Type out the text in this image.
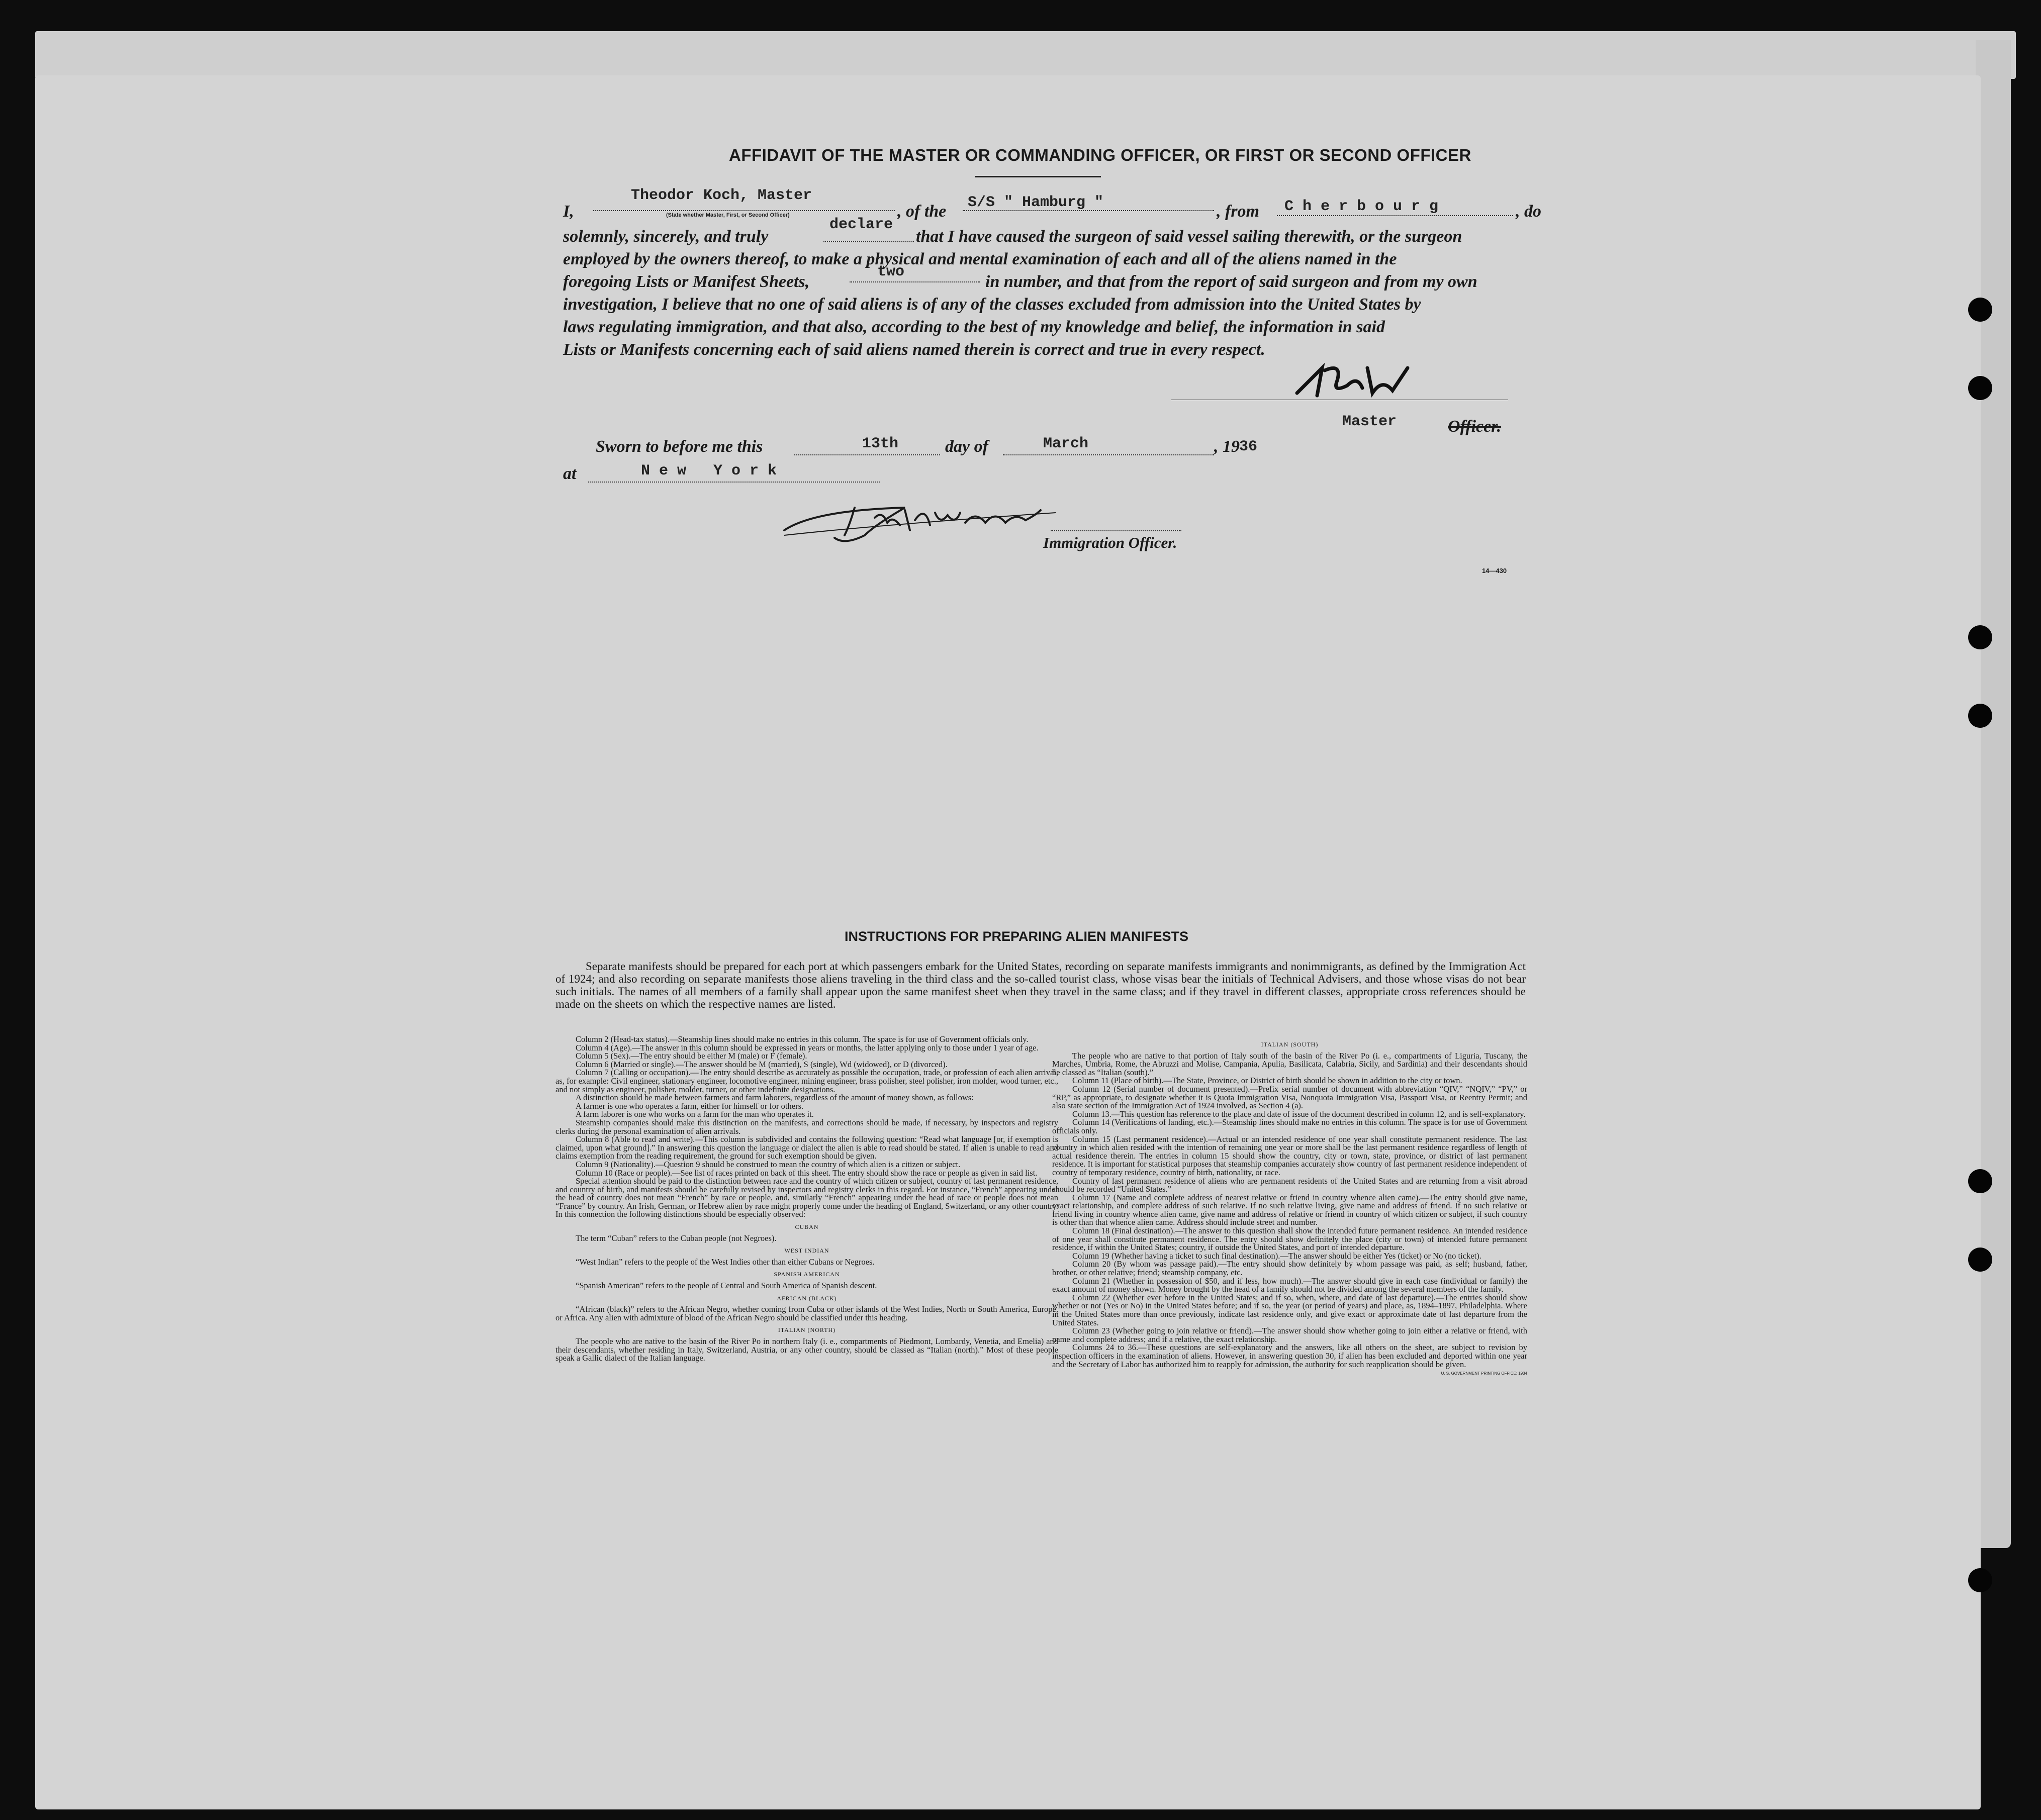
AFFIDAVIT OF THE MASTER OR COMMANDING OFFICER, OR FIRST OR SECOND OFFICER
I,
Theodor Koch, Master
(State whether Master, First, or Second Officer)	, of the S/S " Hamburg "	, from C h e r b o u r g	, do
solemnly, sincerely, and truly
declare
that I have caused the surgeon of said vessel sailing therewith, or the surgeon
employed by the owners thereof, to make a physical and mental examination of each and all of the aliens named in the
foregoing Lists or Manifest Sheets,
two
in number, and that from the report of said surgeon and from my own
investigation, I believe that no one of said aliens is of any of the classes excluded from admission into the United States by
laws regulating immigration, and that also, according to the best of my knowledge and belief, the information in said
Lists or Manifests concerning each of said aliens named therein is correct and true in every respect.
Master	Officer.
Sworn to before me this	13th	day of	March	, 19 36
at	N e w   Y o r k
Immigration Officer.
14—430
INSTRUCTIONS FOR PREPARING ALIEN MANIFESTS
Separate manifests should be prepared for each port at which passengers embark for the United States, recording on separate manifests immigrants and nonimmigrants, as defined by the Immigration Act of 1924; and also recording on separate manifests those aliens traveling in the third class and the so-called tourist class, whose visas bear the initials of Technical Advisers, and those whose visas do not bear such initials. The names of all members of a family shall appear upon the same manifest sheet when they travel in the same class; and if they travel in different classes, appropriate cross references should be made on the sheets on which the respective names are listed.

Column 2 (Head-tax status).—Steamship lines should make no entries in this column. The space is for use of Government officials only.

Column 4 (Age).—The answer in this column should be expressed in years or months, the latter applying only to those under 1 year of age.

Column 5 (Sex).—The entry should be either M (male) or F (female).

Column 6 (Married or single).—The answer should be M (married), S (single), Wd (widowed), or D (divorced).

Column 7 (Calling or occupation).—The entry should describe as accurately as possible the occupation, trade, or profession of each alien arrival, as, for example: Civil engineer, stationary engineer, locomotive engineer, mining engineer, brass polisher, steel polisher, iron molder, wood turner, etc., and not simply as engineer, polisher, molder, turner, or other indefinite designations.

A distinction should be made between farmers and farm laborers, regardless of the amount of money shown, as follows:

A farmer is one who operates a farm, either for himself or for others.

A farm laborer is one who works on a farm for the man who operates it.

Steamship companies should make this distinction on the manifests, and corrections should be made, if necessary, by inspectors and registry clerks during the personal examination of alien arrivals.

Column 8 (Able to read and write).—This column is subdivided and contains the following question: “Read what language [or, if exemption is claimed, upon what ground].” In answering this question the language or dialect the alien is able to read should be stated. If alien is unable to read and claims exemption from the reading requirement, the ground for such exemption should be given.

Column 9 (Nationality).—Question 9 should be construed to mean the country of which alien is a citizen or subject.

Column 10 (Race or people).—See list of races printed on back of this sheet. The entry should show the race or people as given in said list.

Special attention should be paid to the distinction between race and the country of which citizen or subject, country of last permanent residence, and country of birth, and manifests should be carefully revised by inspectors and registry clerks in this regard. For instance, “French” appearing under the head of country does not mean “French” by race or people, and, similarly “French” appearing under the head of race or people does not mean “France” by country. An Irish, German, or Hebrew alien by race might properly come under the heading of England, Switzerland, or any other country. In this connection the following distinctions should be especially observed:

CUBAN

The term “Cuban” refers to the Cuban people (not Negroes).

WEST INDIAN

“West Indian” refers to the people of the West Indies other than either Cubans or Negroes.

SPANISH AMERICAN

“Spanish American” refers to the people of Central and South America of Spanish descent.

AFRICAN (BLACK)

“African (black)” refers to the African Negro, whether coming from Cuba or other islands of the West Indies, North or South America, Europe, or Africa. Any alien with admixture of blood of the African Negro should be classified under this heading.

ITALIAN (NORTH)

The people who are native to the basin of the River Po in northern Italy (i. e., compartments of Piedmont, Lombardy, Venetia, and Emelia) and their descendants, whether residing in Italy, Switzerland, Austria, or any other country, should be classed as “Italian (north).” Most of these people speak a Gallic dialect of the Italian language.

ITALIAN (SOUTH)

The people who are native to that portion of Italy south of the basin of the River Po (i. e., compartments of Liguria, Tuscany, the Marches, Umbria, Rome, the Abruzzi and Molise, Campania, Apulia, Basilicata, Calabria, Sicily, and Sardinia) and their descendants should be classed as “Italian (south).”

Column 11 (Place of birth).—The State, Province, or District of birth should be shown in addition to the city or town.

Column 12 (Serial number of document presented).—Prefix serial number of document with abbreviation “QIV,” “NQIV,” “PV,” or “RP,” as appropriate, to designate whether it is Quota Immigration Visa, Nonquota Immigration Visa, Passport Visa, or Reentry Permit; and also state section of the Immigration Act of 1924 involved, as Section 4 (a).

Column 13.—This question has reference to the place and date of issue of the document described in column 12, and is self-explanatory.

Column 14 (Verifications of landing, etc.).—Steamship lines should make no entries in this column. The space is for use of Government officials only.

Column 15 (Last permanent residence).—Actual or an intended residence of one year shall constitute permanent residence. The last country in which alien resided with the intention of remaining one year or more shall be the last permanent residence regardless of length of actual residence therein. The entries in column 15 should show the country, city or town, state, province, or district of last permanent residence. It is important for statistical purposes that steamship companies accurately show country of last permanent residence independent of country of temporary residence, country of birth, nationality, or race.

Country of last permanent residence of aliens who are permanent residents of the United States and are returning from a visit abroad should be recorded “United States.”

Column 17 (Name and complete address of nearest relative or friend in country whence alien came).—The entry should give name, exact relationship, and complete address of such relative. If no such relative living, give name and address of friend. If no such relative or friend living in country whence alien came, give name and address of relative or friend in country of which citizen or subject, if such country is other than that whence alien came. Address should include street and number.

Column 18 (Final destination).—The answer to this question shall show the intended future permanent residence. An intended residence of one year shall constitute permanent residence. The entry should show definitely the place (city or town) of intended future permanent residence, if within the United States; country, if outside the United States, and port of intended departure.

Column 19 (Whether having a ticket to such final destination).—The answer should be either Yes (ticket) or No (no ticket).

Column 20 (By whom was passage paid).—The entry should show definitely by whom passage was paid, as self; husband, father, brother, or other relative; friend; steamship company, etc.

Column 21 (Whether in possession of $50, and if less, how much).—The answer should give in each case (individual or family) the exact amount of money shown. Money brought by the head of a family should not be divided among the several members of the family.

Column 22 (Whether ever before in the United States; and if so, when, where, and date of last departure).—The entries should show whether or not (Yes or No) in the United States before; and if so, the year (or period of years) and place, as, 1894–1897, Philadelphia. Where in the United States more than once previously, indicate last residence only, and give exact or approximate date of last departure from the United States.

Column 23 (Whether going to join relative or friend).—The answer should show whether going to join either a relative or friend, with name and complete address; and if a relative, the exact relationship.

Columns 24 to 36.—These questions are self-explanatory and the answers, like all others on the sheet, are subject to revision by inspection officers in the examination of aliens. However, in answering question 30, if alien has been excluded and deported within one year and the Secretary of Labor has authorized him to reapply for admission, the authority for such reapplication should be given.

U. S. GOVERNMENT PRINTING OFFICE: 1934
